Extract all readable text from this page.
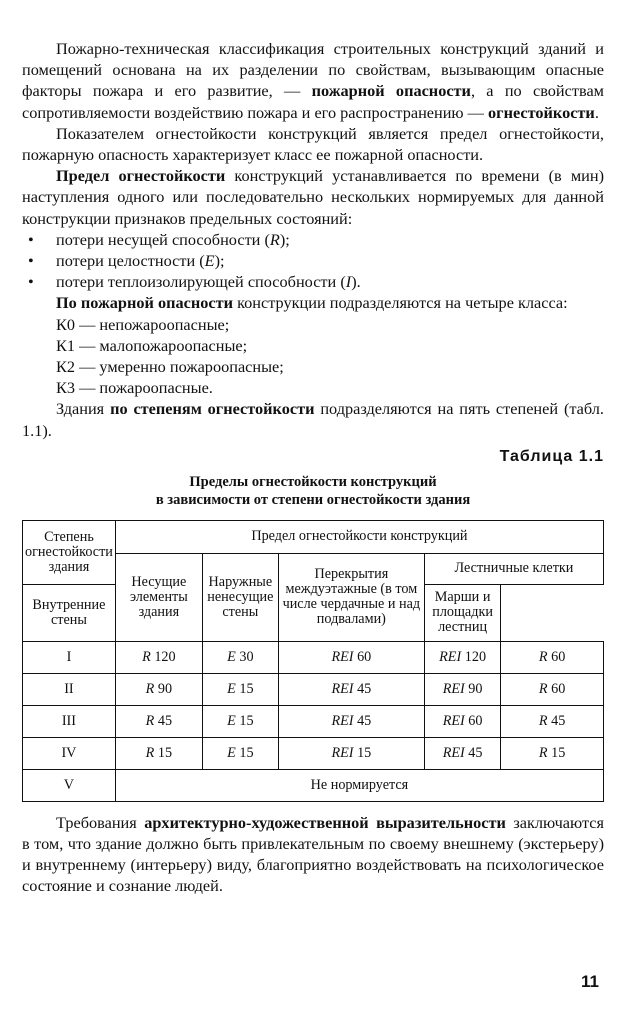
Пожарно-техническая классификация строительных конструкций зданий и помещений основана на их разделении по свойствам, вызывающим опасные факторы пожара и его развитие, — пожарной опасности, а по свойствам сопротивляемости воздействию пожара и его распространению — огнестойкости.

Показателем огнестойкости конструкций является предел огнестойкости, пожарную опасность характеризует класс ее пожарной опасности.

Предел огнестойкости конструкций устанавливается по времени (в мин) наступления одного или последовательно нескольких нормируемых для данной конструкции признаков предельных состояний:

• потери несущей способности (R);
• потери целостности (E);
• потери теплоизолирующей способности (I).

По пожарной опасности конструкции подразделяются на четыре класса:

К0 — непожароопасные;
К1 — малопожароопасные;
К2 — умеренно пожароопасные;
К3 — пожароопасные.

Здания по степеням огнестойкости подразделяются на пять степеней (табл. 1.1).

Таблица 1.1
Пределы огнестойкости конструкций
в зависимости от степени огнестойкости здания
Степень огнестойкости здания	Предел огнестойкости конструкций				
	Несущие элементы здания	Наружные ненесущие стены	Перекрытия междуэтажные (в том числе чердачные и над подвалами)	Лестничные клетки	
Внутренние стены				Марши и площадки лестниц	
I	R 120	E 30	REI 60	REI 120	R 60
II	R 90	E 15	REI 45	REI 90	R 60
III	R 45	E 15	REI 45	REI 60	R 45
IV	R 15	E 15	REI 15	REI 45	R 15
V	Не нормируется				

Требования архитектурно-художественной выразительности заключаются в том, что здание должно быть привлекательным по своему внешнему (экстерьеру) и внутреннему (интерьеру) виду, благоприятно воздействовать на психологическое состояние и сознание людей.

11
